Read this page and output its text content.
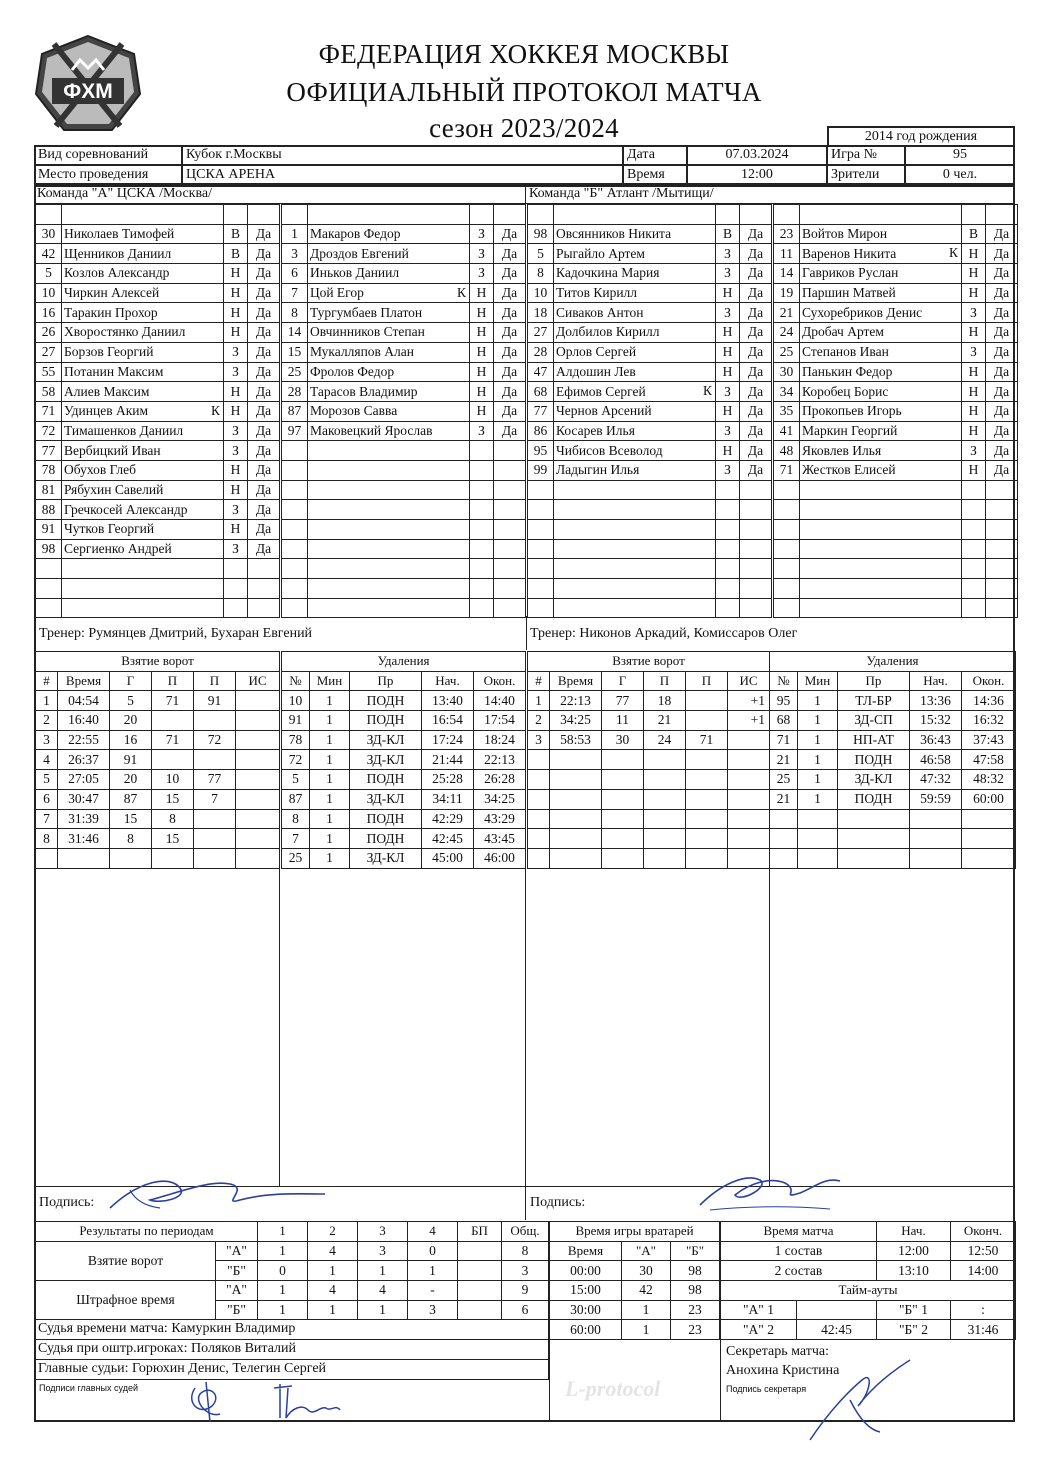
ФХМ
ФЕДЕРАЦИЯ ХОККЕЯ МОСКВЫ
ОФИЦИАЛЬНЫЙ ПРОТОКОЛ МАТЧА
сезон 2023/2024	2014 год рождения
Вид соревнований	Кубок г.Москвы
Место проведения	ЦСКА АРЕНА
Дата	07.03.2024
Время	12:00
Игра №	95
Зрители	0 чел.
Команда "А" ЦСКА /Москва/	Команда "Б" Атлант /Мытищи/

30	Николаев Тимофей	В	Да
42	Щенников Даниил	В	Да
5	Козлов Александр	Н	Да
10	Чиркин Алексей	Н	Да
16	Таракин Прохор	Н	Да
26	Хворостянко Даниил	Н	Да
27	Борзов Георгий	З	Да
55	Потанин Максим	З	Да
58	Алиев Максим	Н	Да
71	Удинцев Аким К	Н	Да
72	Тимашенков Даниил	З	Да
77	Вербицкий Иван	З	Да
78	Обухов Глеб	Н	Да
81	Рябухин Савелий	Н	Да
88	Гречкосей Александр	З	Да
91	Чутков Георгий	Н	Да
98	Сергиенко Андрей	З	Да

1	Макаров Федор	З	Да
3	Дроздов Евгений	З	Да
6	Иньков Даниил	З	Да
7	Цой Егор К	Н	Да
8	Тургумбаев Платон	Н	Да
14	Овчинников Степан	Н	Да
15	Мукалляпов Алан	Н	Да
25	Фролов Федор	Н	Да
28	Тарасов Владимир	Н	Да
87	Морозов Савва	Н	Да
97	Маковецкий Ярослав	З	Да

98	Овсянников Никита	В	Да
5	Рыгайло Артем	З	Да
8	Кадочкина Мария	З	Да
10	Титов Кирилл	Н	Да
18	Сиваков Антон	З	Да
27	Долбилов Кирилл	Н	Да
28	Орлов Сергей	Н	Да
47	Алдошин Лев	Н	Да
68	Ефимов Сергей К	З	Да
77	Чернов Арсений	Н	Да
86	Косарев Илья	З	Да
95	Чибисов Всеволод	Н	Да
99	Ладыгин Илья	З	Да

23	Войтов Мирон	В	Да
11	Варенов Никита К	Н	Да
14	Гавриков Руслан	Н	Да
19	Паршин Матвей	Н	Да
21	Сухоребриков Денис	З	Да
24	Дробач Артем	Н	Да
25	Степанов Иван	З	Да
30	Панькин Федор	Н	Да
34	Коробец Борис	Н	Да
35	Прокопьев Игорь	Н	Да
41	Маркин Георгий	Н	Да
48	Яковлев Илья	З	Да
71	Жестков Елисей	Н	Да

Тренер: Румянцев Дмитрий, Бухаран Евгений	Тренер: Никонов Аркадий, Комиссаров Олег
Взятие ворот					
#	Время	Г	П	П	ИС
1	04:54	5	71	91	
2	16:40	20			
3	22:55	16	71	72	
4	26:37	91			
5	27:05	20	10	77	
6	30:47	87	15	7	
7	31:39	15	8		
8	31:46	8	15		

Удаления				
№	Мин	Пр	Нач.	Окон.
10	1	ПОДН	13:40	14:40
91	1	ПОДН	16:54	17:54
78	1	ЗД-КЛ	17:24	18:24
72	1	ЗД-КЛ	21:44	22:13
5	1	ПОДН	25:28	26:28
87	1	ЗД-КЛ	34:11	34:25
8	1	ПОДН	42:29	43:29
7	1	ПОДН	42:45	43:45
25	1	ЗД-КЛ	45:00	46:00
Взятие ворот					
#	Время	Г	П	П	ИС
1	22:13	77	18		+1
2	34:25	11	21		+1
3	58:53	30	24	71	

Удаления				
№	Мин	Пр	Нач.	Окон.
95	1	ТЛ-БР	13:36	14:36
68	1	ЗД-СП	15:32	16:32
71	1	НП-АТ	36:43	37:43
21	1	ПОДН	46:58	47:58
25	1	ЗД-КЛ	47:32	48:32
21	1	ПОДН	59:59	60:00

Подпись:	Подпись:
Результаты по периодам		1	2	3	4	БП	Общ.
Взятие ворот	"А"	1	4	3	0		8
	"Б"	0	1	1	1		3
Штрафное время	"А"	1	4	4	-		9
	"Б"	1	1	1	3		6
Время игры вратарей		
Время	"А"	"Б"
00:00	30	98
15:00	42	98
30:00	1	23
60:00	1	23
Время матча		Нач.	Оконч.
1 состав		12:00	12:50
2 состав		13:10	14:00
Тайм-ауты			
"А" 1		"Б" 1	:
"А" 2	42:45	"Б" 2	31:46

Судья времени матча: Камуркин Владимир
Судья при оштр.игроках: Поляков Виталий
Главные судьи: Горюхин Денис, Телегин Сергей
Подписи главных судей
Секретарь матча:
Анохина Кристина
Подпись секретаря
L-protocol
